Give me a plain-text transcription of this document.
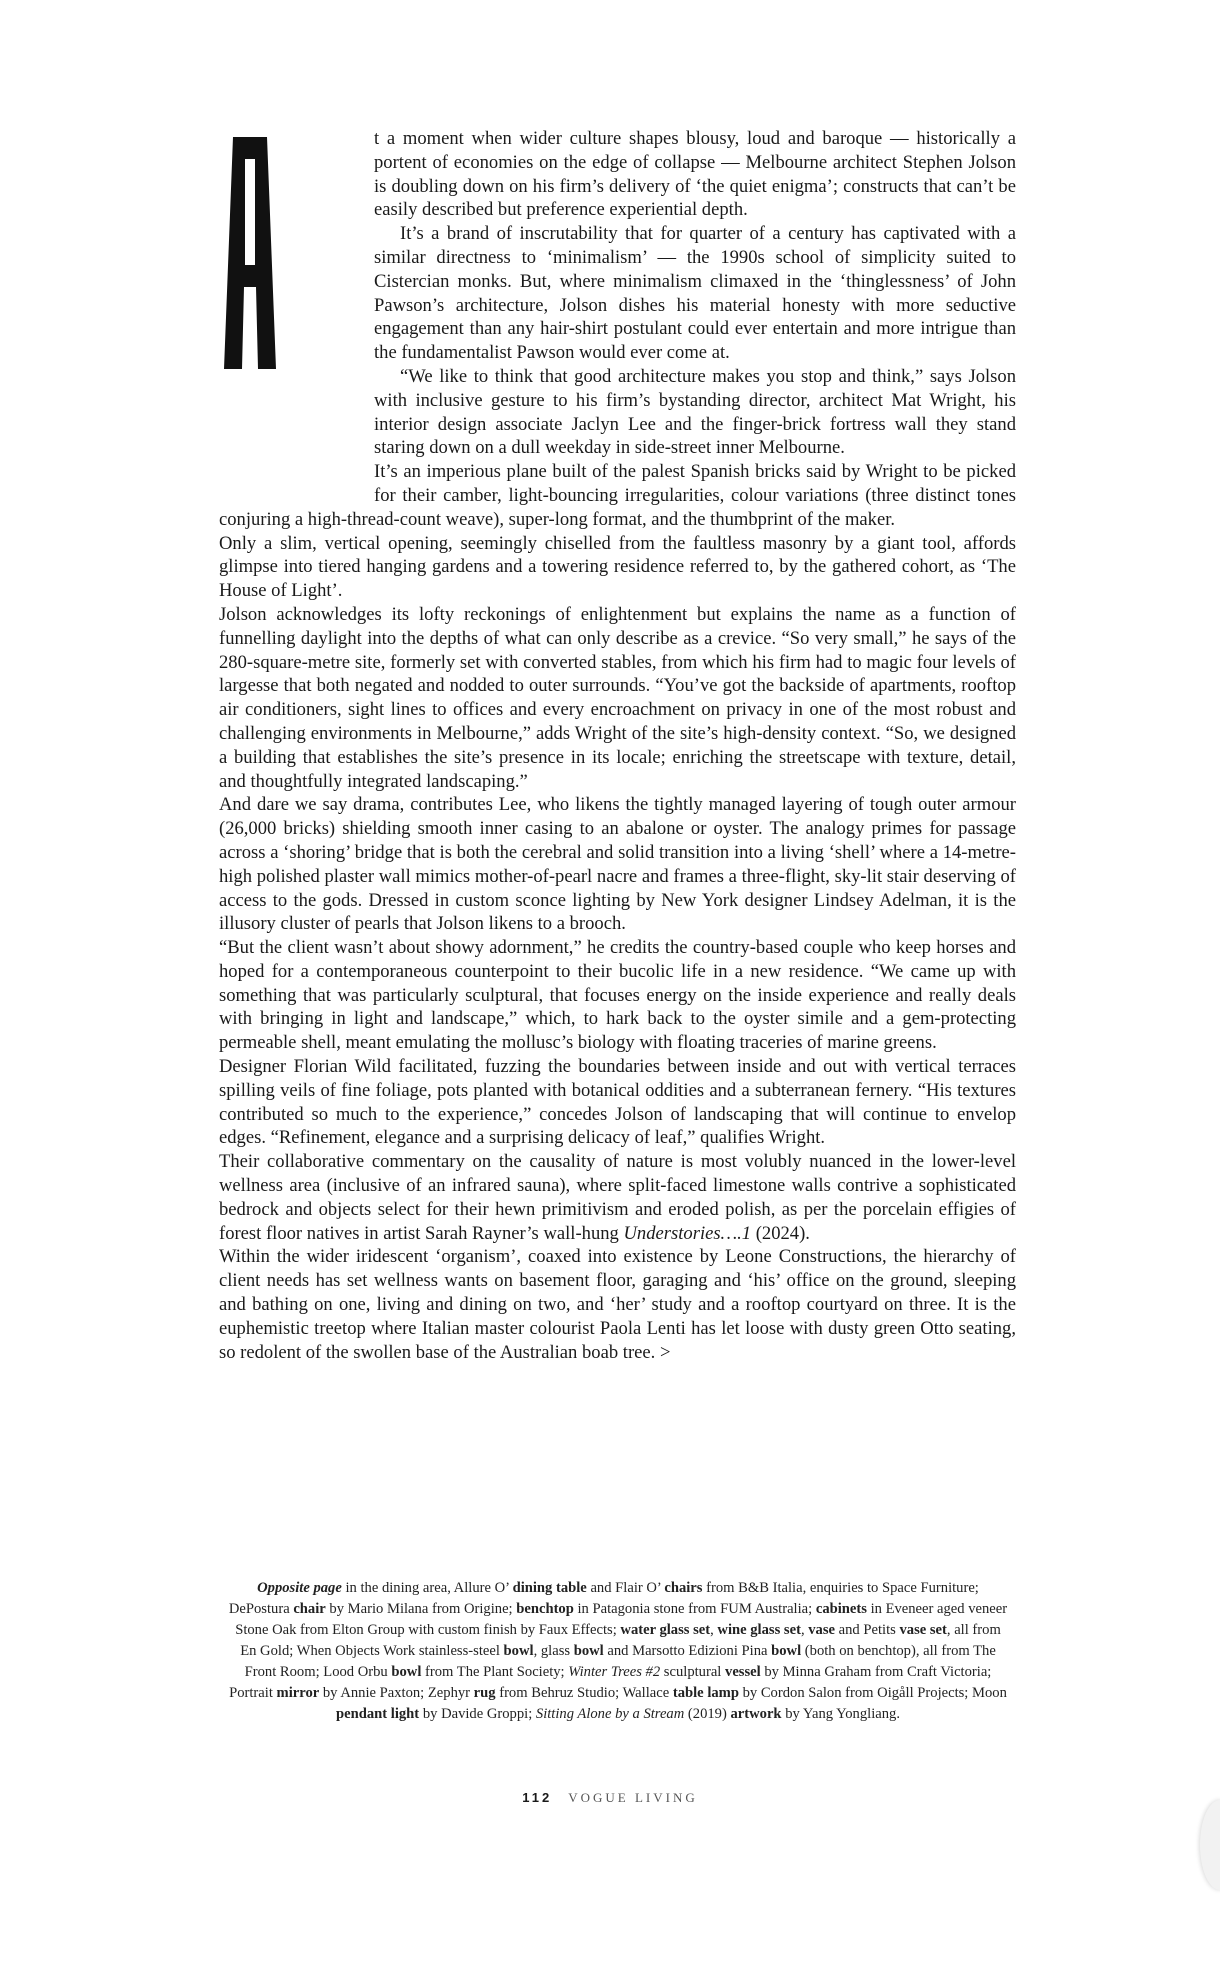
t a moment when wider culture shapes blousy, loud and baroque — historically a portent of economies on the edge of collapse — Melbourne architect Stephen Jolson is doubling down on his firm’s delivery of ‘the quiet enigma’; constructs that can’t be easily described but preference experiential depth.

It’s a brand of inscrutability that for quarter of a century has captivated with a similar directness to ‘minimalism’ — the 1990s school of simplicity suited to Cistercian monks. But, where minimalism climaxed in the ‘thinglessness’ of John Pawson’s architecture, Jolson dishes his material honesty with more seductive engagement than any hair-shirt postulant could ever entertain and more intrigue than the fundamentalist Pawson would ever come at.

“We like to think that good architecture makes you stop and think,” says Jolson with inclusive gesture to his firm’s bystanding director, architect Mat Wright, his interior design associate Jaclyn Lee and the finger-brick fortress wall they stand staring down on a dull weekday in side-street inner Melbourne.

It’s an imperious plane built of the palest Spanish bricks said by Wright to be picked for their camber, light-bouncing irregularities, colour variations (three distinct tones conjuring a high-thread-count weave), super-long format, and the thumbprint of the maker.

Only a slim, vertical opening, seemingly chiselled from the faultless masonry by a giant tool, affords glimpse into tiered hanging gardens and a towering residence referred to, by the gathered cohort, as ‘The House of Light’.

Jolson acknowledges its lofty reckonings of enlightenment but explains the name as a function of funnelling daylight into the depths of what can only describe as a crevice. “So very small,” he says of the 280-square-metre site, formerly set with converted stables, from which his firm had to magic four levels of largesse that both negated and nodded to outer surrounds. “You’ve got the backside of apartments, rooftop air conditioners, sight lines to offices and every encroachment on privacy in one of the most robust and challenging environments in Melbourne,” adds Wright of the site’s high-density context. “So, we designed a building that establishes the site’s presence in its locale; enriching the streetscape with texture, detail, and thoughtfully integrated landscaping.”

And dare we say drama, contributes Lee, who likens the tightly managed layering of tough outer armour (26,000 bricks) shielding smooth inner casing to an abalone or oyster. The analogy primes for passage across a ‘shoring’ bridge that is both the cerebral and solid transition into a living ‘shell’ where a 14-metre-high polished plaster wall mimics mother-of-pearl nacre and frames a three-flight, sky-lit stair deserving of access to the gods. Dressed in custom sconce lighting by New York designer Lindsey Adelman, it is the illusory cluster of pearls that Jolson likens to a brooch.

“But the client wasn’t about showy adornment,” he credits the country-based couple who keep horses and hoped for a contemporaneous counterpoint to their bucolic life in a new residence. “We came up with something that was particularly sculptural, that focuses energy on the inside experience and really deals with bringing in light and landscape,” which, to hark back to the oyster simile and a gem-protecting permeable shell, meant emulating the mollusc’s biology with floating traceries of marine greens.

Designer Florian Wild facilitated, fuzzing the boundaries between inside and out with vertical terraces spilling veils of fine foliage, pots planted with botanical oddities and a subterranean fernery. “His textures contributed so much to the experience,” concedes Jolson of landscaping that will continue to envelop edges. “Refinement, elegance and a surprising delicacy of leaf,” qualifies Wright.

Their collaborative commentary on the causality of nature is most volubly nuanced in the lower-level wellness area (inclusive of an infrared sauna), where split-faced limestone walls contrive a sophisticated bedrock and objects select for their hewn primitivism and eroded polish, as per the porcelain effigies of forest floor natives in artist Sarah Rayner’s wall-hung Understories….1 (2024).

Within the wider iridescent ‘organism’, coaxed into existence by Leone Constructions, the hierarchy of client needs has set wellness wants on basement floor, garaging and ‘his’ office on the ground, sleeping and bathing on one, living and dining on two, and ‘her’ study and a rooftop courtyard on three. It is the euphemistic treetop where Italian master colourist Paola Lenti has let loose with dusty green Otto seating, so redolent of the swollen base of the Australian boab tree. >

Opposite page in the dining area, Allure O’ dining table and Flair O’ chairs from B&B Italia, enquiries to Space Furniture; DePostura chair by Mario Milana from Origine; benchtop in Patagonia stone from FUM Australia; cabinets in Eveneer aged veneer Stone Oak from Elton Group with custom finish by Faux Effects; water glass set, wine glass set, vase and Petits vase set, all from En Gold; When Objects Work stainless-steel bowl, glass bowl and Marsotto Edizioni Pina bowl (both on benchtop), all from The Front Room; Lood Orbu bowl from The Plant Society; Winter Trees #2 sculptural vessel by Minna Graham from Craft Victoria; Portrait mirror by Annie Paxton; Zephyr rug from Behruz Studio; Wallace table lamp by Cordon Salon from Oigåll Projects; Moon pendant light by Davide Groppi; Sitting Alone by a Stream (2019) artwork by Yang Yongliang.
112 VOGUE LIVING
